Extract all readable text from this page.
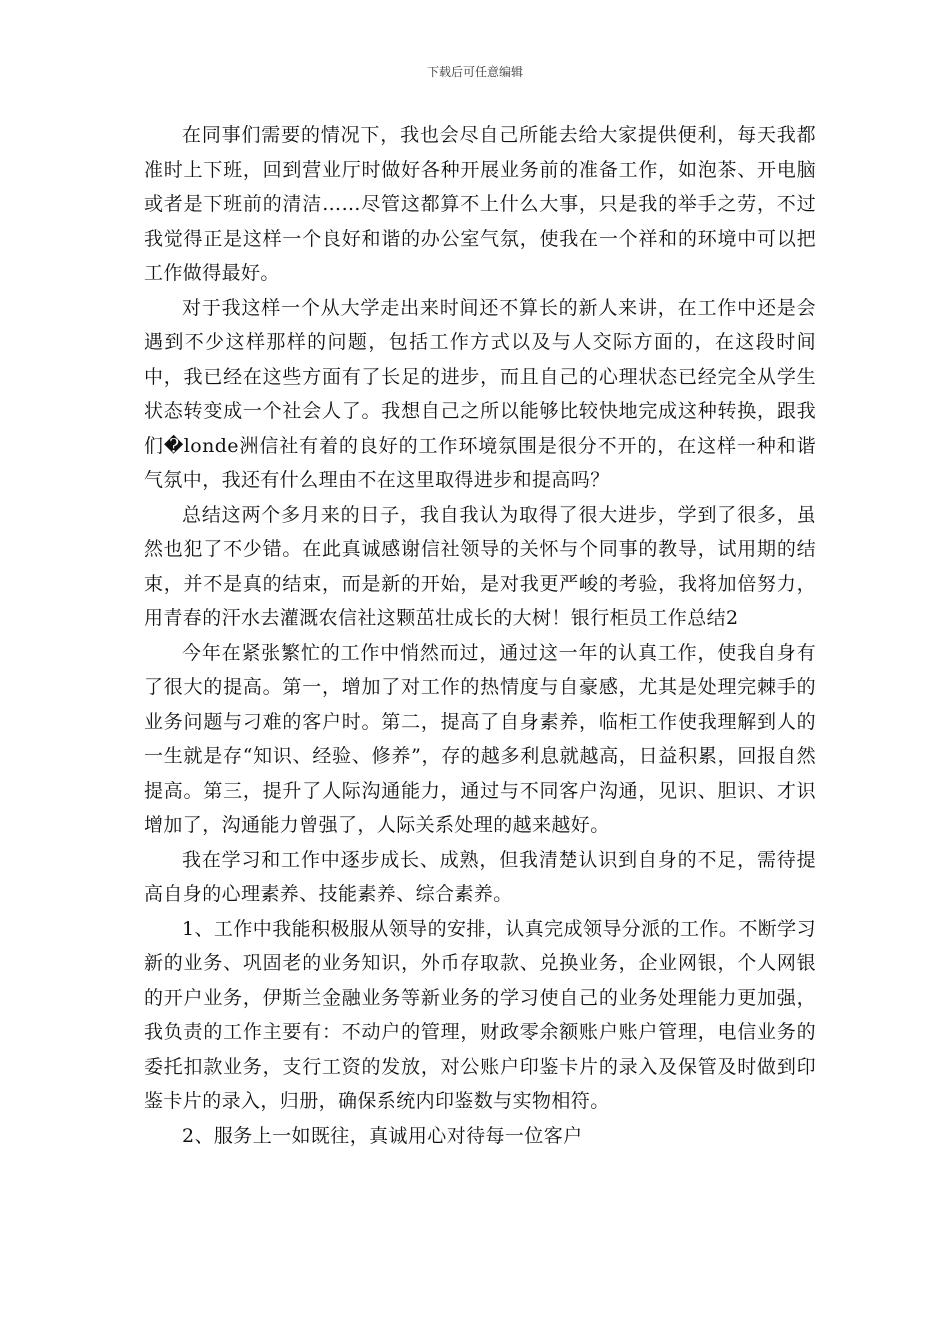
下载后可任意编辑

在同事们需要的情况下，我也会尽自己所能去给大家提供便利，每天我都准时上下班，回到营业厅时做好各种开展业务前的准备工作，如泡茶、开电脑或者是下班前的清洁……尽管这都算不上什么大事，只是我的举手之劳，不过我觉得正是这样一个良好和谐的办公室气氛，使我在一个祥和的环境中可以把工作做得最好。

对于我这样一个从大学走出来时间还不算长的新人来讲，在工作中还是会遇到不少这样那样的问题，包括工作方式以及与人交际方面的，在这段时间中，我已经在这些方面有了长足的进步，而且自己的心理状态已经完全从学生状态转变成一个社会人了。我想自己之所以能够比较快地完成这种转换，跟我们�londe洲信社有着的良好的工作环境氛围是很分不开的，在这样一种和谐气氛中，我还有什么理由不在这里取得进步和提高吗？

总结这两个多月来的日子，我自我认为取得了很大进步，学到了很多，虽然也犯了不少错。在此真诚感谢信社领导的关怀与个同事的教导，试用期的结束，并不是真的结束，而是新的开始，是对我更严峻的考验，我将加倍努力，用青春的汗水去灌溉农信社这颗茁壮成长的大树！银行柜员工作总结2

今年在紧张繁忙的工作中悄然而过，通过这一年的认真工作，使我自身有了很大的提高。第一，增加了对工作的热情度与自豪感，尤其是处理完棘手的业务问题与刁难的客户时。第二，提高了自身素养，临柜工作使我理解到人的一生就是存“知识、经验、修养”，存的越多利息就越高，日益积累，回报自然提高。第三，提升了人际沟通能力，通过与不同客户沟通，见识、胆识、才识增加了，沟通能力曾强了，人际关系处理的越来越好。

我在学习和工作中逐步成长、成熟，但我清楚认识到自身的不足，需待提高自身的心理素养、技能素养、综合素养。

1、工作中我能积极服从领导的安排，认真完成领导分派的工作。不断学习新的业务、巩固老的业务知识，外币存取款、兑换业务，企业网银，个人网银的开户业务，伊斯兰金融业务等新业务的学习使自己的业务处理能力更加强，我负责的工作主要有：不动户的管理，财政零余额账户账户管理，电信业务的委托扣款业务，支行工资的发放，对公账户印鉴卡片的录入及保管及时做到印鉴卡片的录入，归册，确保系统内印鉴数与实物相符。

2、服务上一如既往，真诚用心对待每一位客户
